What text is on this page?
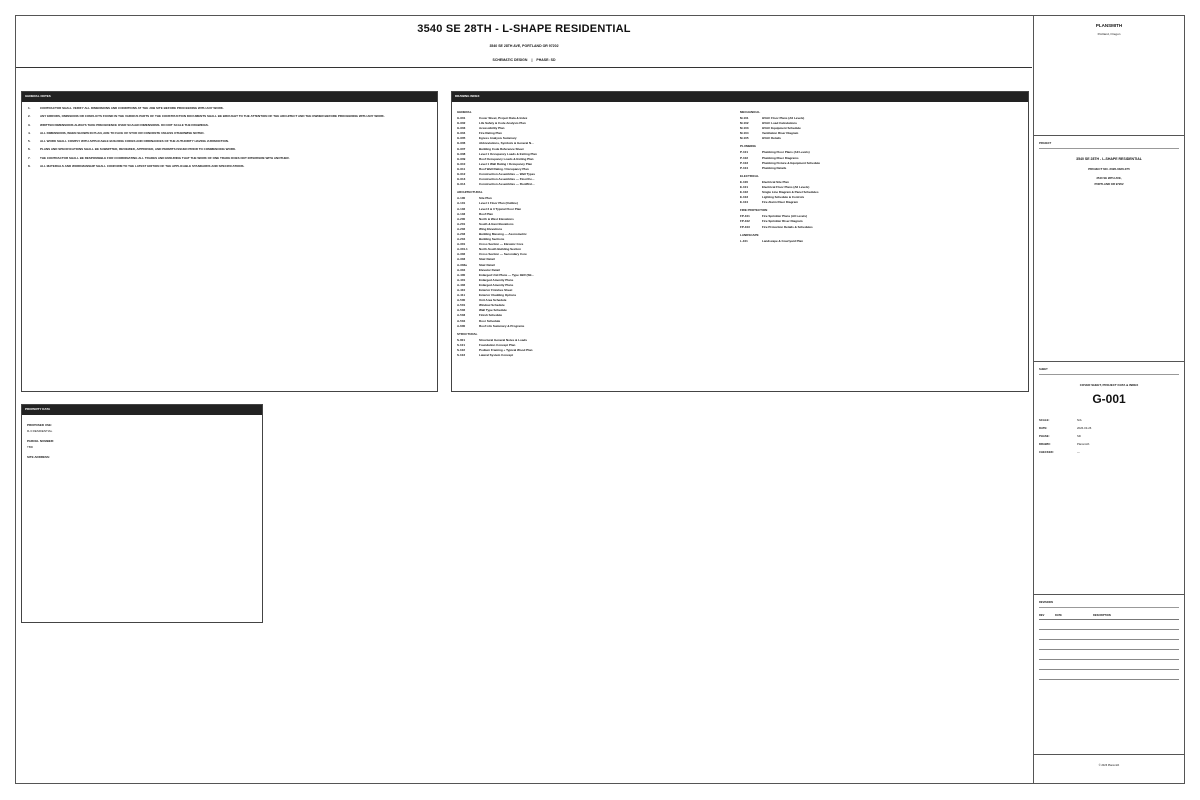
3540 SE 28TH - L-SHAPE RESIDENTIAL
3540 SE 28TH AVE, PORTLAND OR 97202
SCHEMATIC DESIGN | PHASE: SD
GENERAL NOTES
1.	CONTRACTOR SHALL VERIFY ALL DIMENSIONS AND CONDITIONS AT THE JOB SITE BEFORE PROCEEDING WITH ANY WORK.
2.	ANY ERRORS, OMISSIONS OR CONFLICTS FOUND IN THE VARIOUS PARTS OF THE CONSTRUCTION DOCUMENTS SHALL BE BROUGHT TO THE ATTENTION OF THE ARCHITECT AND THE OWNER BEFORE PROCEEDING WITH ANY WORK.
3.	WRITTEN DIMENSIONS ALWAYS TAKE PRECEDENCE OVER SCALED DIMENSIONS. DO NOT SCALE THE DRAWINGS.
4.	ALL DIMENSIONS, WHEN SHOWN IN PLAN, ARE TO FACE OF STUD OR CONCRETE UNLESS OTHERWISE NOTED.
5.	ALL WORK SHALL COMPLY WITH APPLICABLE BUILDING CODES AND ORDINANCES OF THE AUTHORITY HAVING JURISDICTION.
6.	PLANS AND SPECIFICATIONS SHALL BE SUBMITTED, REVIEWED, APPROVED, AND PERMITS ISSUED PRIOR TO COMMENCING WORK.
7.	THE CONTRACTOR SHALL BE RESPONSIBLE FOR COORDINATING ALL TRADES AND ENSURING THAT THE WORK OF ONE TRADE DOES NOT INTERFERE WITH ANOTHER.
8.	ALL MATERIALS AND WORKMANSHIP SHALL CONFORM TO THE LATEST EDITION OF THE APPLICABLE STANDARDS AND SPECIFICATIONS.
DRAWING INDEX
GENERAL
G-001	Cover Sheet, Project Data & Index
G-002	Life Safety & Code Analysis Plan
G-003	Accessibility Plan
G-004	Fire Rating Plan
G-005	Egress Analysis Summary
G-006	Abbreviations, Symbols & General N...
G-007	Building Code Reference Sheet
G-008	Level 1 Occupancy Loads & Exiting Plan
G-009	Roof Occupancy Loads & Exiting Plan
G-010	Level 1 Wall Rating / Occupancy Plan
G-011	Roof Wall Rating / Occupancy Plan
G-012	Construction Assemblies — Wall Types
G-013	Construction Assemblies — Floor/Ce...
G-014	Construction Assemblies — Roof/Ext...
ARCHITECTURAL
A-100	Site Plan
A-101	Level 1 Floor Plan (Outline)
A-102	Level 2 & 3 Typical Floor Plan
A-103	Roof Plan
A-200	North & West Elevations
A-201	South & East Elevations
A-202	Wing Elevations
A-203	Building Massing — Axonometric
A-204	Building Sections
A-301	Cross Section — Elevator Core
A-301.1	North-South Building Section
A-302	Cross Section — Secondary Core
A-303	Stair Detail
A-303a	Stair Detail
A-304	Elevator Detail
A-400	Enlarged Unit Plans — Type 1BR (SE...
A-401	Enlarged Amenity Plans
A-402	Enlarged Amenity Plans
A-410	Exterior Finishes Sheet
A-411	Exterior Cladding Options
A-500	Unit Area Schedule
A-501	Window Schedule
A-502	Wall Type Schedule
A-503	Finish Schedule
A-504	Door Schedule
A-600	Roof Life Summary & Programs
STRUCTURAL
S-001	Structural General Notes & Loads
S-101	Foundation Concept Plan
S-102	Podium Framing + Typical Wood Plan
S-103	Lateral System Concept
MECHANICAL
M-101	HVAC Floor Plans (All Levels)
M-102	HVAC Load Calculations
M-103	HVAC Equipment Schedule
M-104	Ventilation Riser Diagram
M-105	HVAC Details
PLUMBING
P-101	Plumbing Floor Plans (All Levels)
P-102	Plumbing Riser Diagrams
P-103	Plumbing Fixture & Equipment Schedule
P-104	Plumbing Details
ELECTRICAL
E-100	Electrical Site Plan
E-101	Electrical Floor Plans (All Levels)
E-102	Single Line Diagram & Panel Schedules
E-103	Lighting Schedule & Controls
E-104	Fire Alarm Riser Diagram
FIRE PROTECTION
FP-101	Fire Sprinkler Plans (All Levels)
FP-102	Fire Sprinkler Riser Diagram
FP-103	Fire Protection Details & Schedules
LANDSCAPE
L-101	Landscape & Courtyard Plan
PROPERTY DATA
PROPOSED USE:
R-3 RESIDENTIAL
PARCEL NUMBER:
TBD
SITE ADDRESS:
PLANSMITH
Portland, Oregon
PROJECT
3540 SE 28TH - L-SHAPE RESIDENTIAL
PROJECT NO. 2026-0326-075
3540 SE 28TH AVE,
PORTLAND OR 97202
SHEET
COVER SHEET, PROJECT DATA & INDEX
G-001
SCALE:	N/A
DATE:	2026-03-26
PHASE:	SD
DRAWN:	Plansmith
CHECKED:	—
REVISIONS
REV	DATE	DESCRIPTION
© 2026 Plansmith
